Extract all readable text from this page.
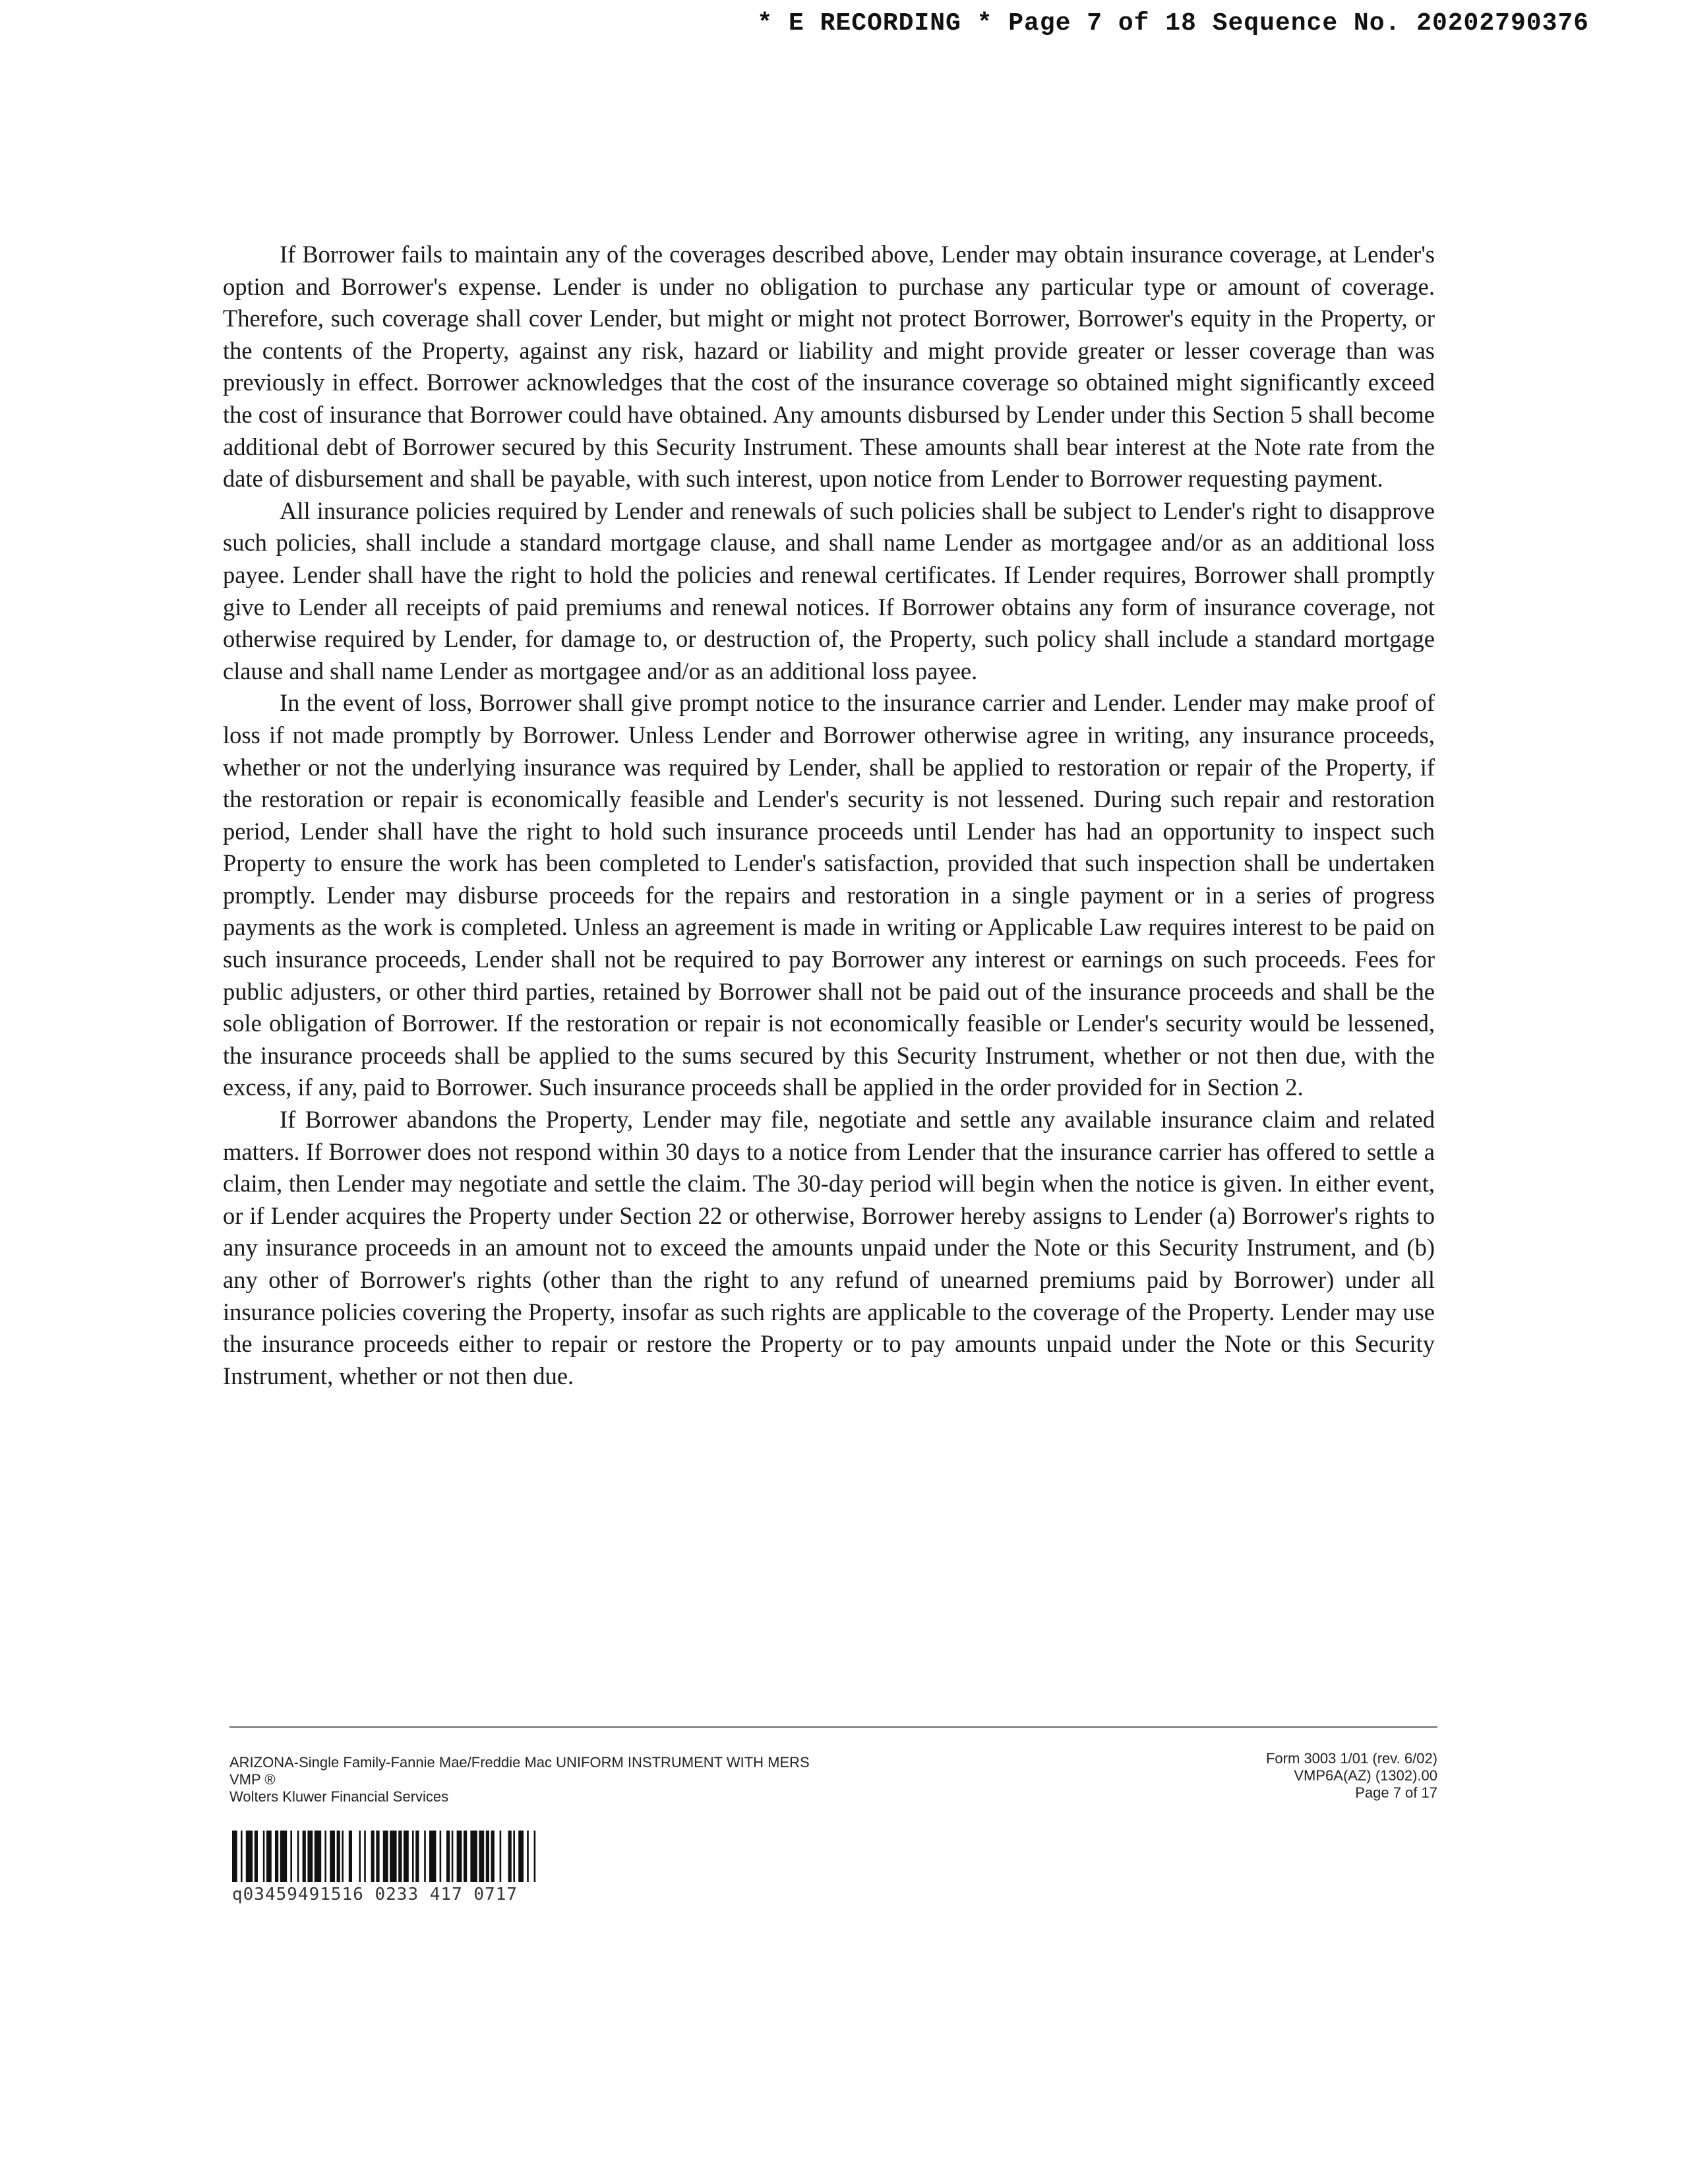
* E RECORDING * Page 7 of 18 Sequence No. 20202790376

If Borrower fails to maintain any of the coverages described above, Lender may obtain insurance coverage, at Lender's option and Borrower's expense. Lender is under no obligation to purchase any particular type or amount of coverage. Therefore, such coverage shall cover Lender, but might or might not protect Borrower, Borrower's equity in the Property, or the contents of the Property, against any risk, hazard or liability and might provide greater or lesser coverage than was previously in effect. Borrower acknowledges that the cost of the insurance coverage so obtained might significantly exceed the cost of insurance that Borrower could have obtained. Any amounts disbursed by Lender under this Section 5 shall become additional debt of Borrower secured by this Security Instrument. These amounts shall bear interest at the Note rate from the date of disbursement and shall be payable, with such interest, upon notice from Lender to Borrower requesting payment.

All insurance policies required by Lender and renewals of such policies shall be subject to Lender's right to disapprove such policies, shall include a standard mortgage clause, and shall name Lender as mortgagee and/or as an additional loss payee. Lender shall have the right to hold the policies and renewal certificates. If Lender requires, Borrower shall promptly give to Lender all receipts of paid premiums and renewal notices. If Borrower obtains any form of insurance coverage, not otherwise required by Lender, for damage to, or destruction of, the Property, such policy shall include a standard mortgage clause and shall name Lender as mortgagee and/or as an additional loss payee.

In the event of loss, Borrower shall give prompt notice to the insurance carrier and Lender. Lender may make proof of loss if not made promptly by Borrower. Unless Lender and Borrower otherwise agree in writing, any insurance proceeds, whether or not the underlying insurance was required by Lender, shall be applied to restoration or repair of the Property, if the restoration or repair is economically feasible and Lender's security is not lessened. During such repair and restoration period, Lender shall have the right to hold such insurance proceeds until Lender has had an opportunity to inspect such Property to ensure the work has been completed to Lender's satisfaction, provided that such inspection shall be undertaken promptly. Lender may disburse proceeds for the repairs and restoration in a single payment or in a series of progress payments as the work is completed. Unless an agreement is made in writing or Applicable Law requires interest to be paid on such insurance proceeds, Lender shall not be required to pay Borrower any interest or earnings on such proceeds. Fees for public adjusters, or other third parties, retained by Borrower shall not be paid out of the insurance proceeds and shall be the sole obligation of Borrower. If the restoration or repair is not economically feasible or Lender's security would be lessened, the insurance proceeds shall be applied to the sums secured by this Security Instrument, whether or not then due, with the excess, if any, paid to Borrower. Such insurance proceeds shall be applied in the order provided for in Section 2.

If Borrower abandons the Property, Lender may file, negotiate and settle any available insurance claim and related matters. If Borrower does not respond within 30 days to a notice from Lender that the insurance carrier has offered to settle a claim, then Lender may negotiate and settle the claim. The 30-day period will begin when the notice is given. In either event, or if Lender acquires the Property under Section 22 or otherwise, Borrower hereby assigns to Lender (a) Borrower's rights to any insurance proceeds in an amount not to exceed the amounts unpaid under the Note or this Security Instrument, and (b) any other of Borrower's rights (other than the right to any refund of unearned premiums paid by Borrower) under all insurance policies covering the Property, insofar as such rights are applicable to the coverage of the Property. Lender may use the insurance proceeds either to repair or restore the Property or to pay amounts unpaid under the Note or this Security Instrument, whether or not then due.

ARIZONA-Single Family-Fannie Mae/Freddie Mac UNIFORM INSTRUMENT WITH MERS
VMP ®
Wolters Kluwer Financial Services
Form 3003 1/01 (rev. 6/02)
VMP6A(AZ) (1302).00
Page 7 of 17
q03459491516 0233 417 0717
